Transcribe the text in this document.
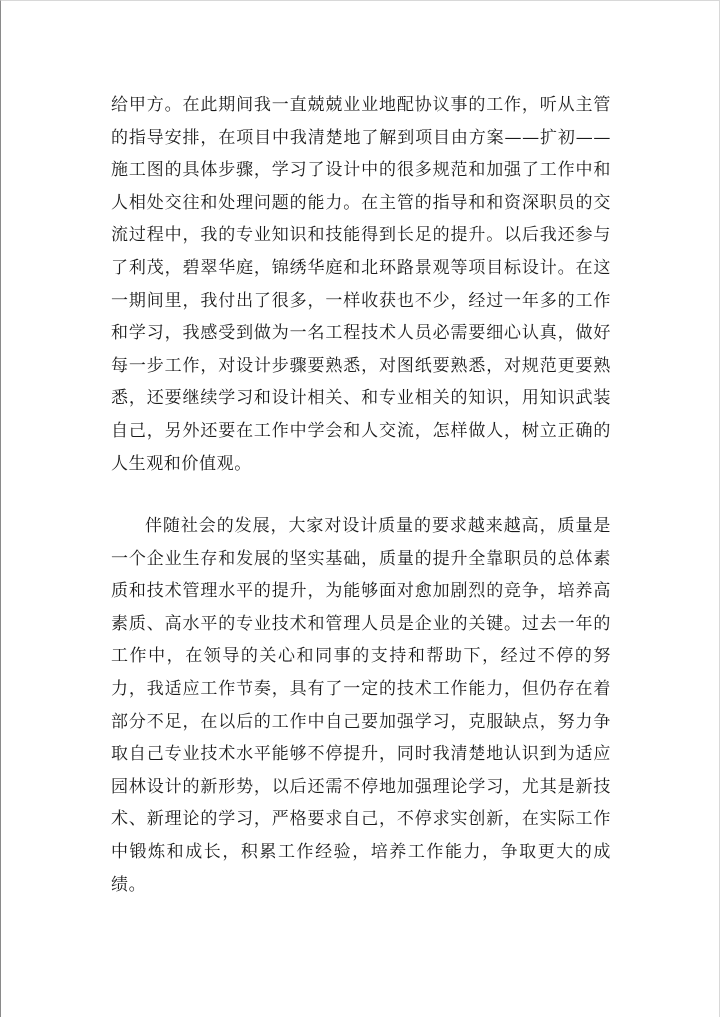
给甲方。在此期间我一直兢兢业业地配协议事的工作，听从主管的指导安排，在项目中我清楚地了解到项目由方案——扩初——施工图的具体步骤，学习了设计中的很多规范和加强了工作中和人相处交往和处理问题的能力。在主管的指导和和资深职员的交流过程中，我的专业知识和技能得到长足的提升。以后我还参与了利茂，碧翠华庭，锦绣华庭和北环路景观等项目标设计。在这一期间里，我付出了很多，一样收获也不少，经过一年多的工作和学习，我感受到做为一名工程技术人员必需要细心认真，做好每一步工作，对设计步骤要熟悉，对图纸要熟悉，对规范更要熟悉，还要继续学习和设计相关、和专业相关的知识，用知识武装自己，另外还要在工作中学会和人交流，怎样做人，树立正确的人生观和价值观。

伴随社会的发展，大家对设计质量的要求越来越高，质量是一个企业生存和发展的坚实基础，质量的提升全靠职员的总体素质和技术管理水平的提升，为能够面对愈加剧烈的竞争，培养高素质、高水平的专业技术和管理人员是企业的关键。过去一年的工作中，在领导的关心和同事的支持和帮助下，经过不停的努力，我适应工作节奏，具有了一定的技术工作能力，但仍存在着部分不足，在以后的工作中自己要加强学习，克服缺点，努力争取自己专业技术水平能够不停提升，同时我清楚地认识到为适应园林设计的新形势，以后还需不停地加强理论学习，尤其是新技术、新理论的学习，严格要求自己，不停求实创新，在实际工作中锻炼和成长，积累工作经验，培养工作能力，争取更大的成绩。
